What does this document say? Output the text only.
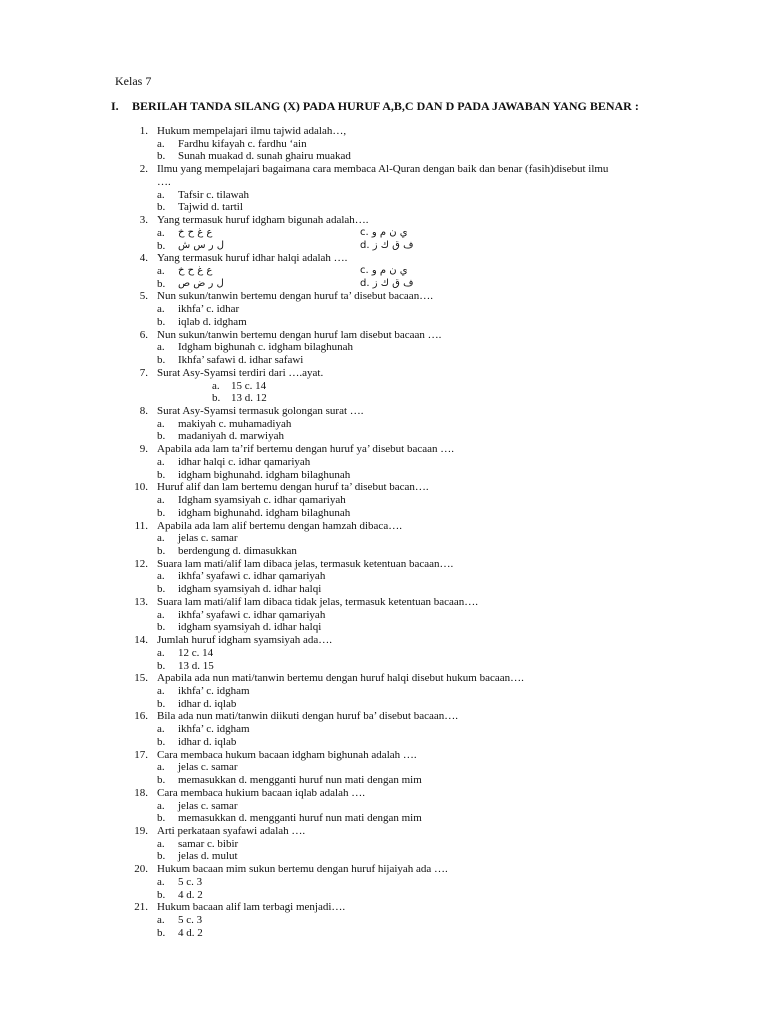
Kelas 7
I. BERILAH TANDA SILANG (X) PADA HURUF A,B,C DAN D PADA JAWABAN YANG BENAR :
1. Hukum mempelajari ilmu tajwid adalah…,
a. Fardhu kifayah c. fardhu ‘ain
b. Sunah muakad d. sunah ghairu muakad
2. Ilmu yang mempelajari bagaimana cara membaca Al-Quran dengan baik dan benar (fasih)disebut ilmu ….
a. Tafsir c. tilawah
b. Tajwid d. tartil
3. Yang termasuk huruf idgham bigunah adalah….
a. ع غ ح خ	c. ي ن م و
b. ل ر س ش	d. ف ق ك ز
4. Yang termasuk huruf idhar halqi adalah ….
a. ع غ ح خ	c. ي ن م و
b. ل ر ض ص	d. ف ق ك ز
5. Nun sukun/tanwin bertemu dengan huruf ta’ disebut bacaan….
a. ikhfa’ c. idhar
b. iqlab d. idgham
6. Nun sukun/tanwin bertemu dengan huruf lam disebut bacaan ….
a. Idgham bighunah c. idgham bilaghunah
b. Ikhfa’ safawi d. idhar safawi
7. Surat Asy-Syamsi terdiri dari ….ayat.
a. 15 c. 14
b. 13 d. 12
8. Surat Asy-Syamsi termasuk golongan surat ….
a. makiyah c. muhamadiyah
b. madaniyah d. marwiyah
9. Apabila ada lam ta’rif bertemu dengan huruf ya’ disebut bacaan ….
a. idhar halqi c. idhar qamariyah
b. idgham bighunahd. idgham bilaghunah
10. Huruf alif dan lam bertemu dengan huruf ta’ disebut bacan….
a. Idgham syamsiyah c. idhar qamariyah
b. idgham bighunahd. idgham bilaghunah
11. Apabila ada lam alif bertemu dengan hamzah dibaca….
a. jelas c. samar
b. berdengung d. dimasukkan
12. Suara lam mati/alif lam dibaca jelas, termasuk ketentuan bacaan….
a. ikhfa’ syafawi c. idhar qamariyah
b. idgham syamsiyah d. idhar halqi
13. Suara lam mati/alif lam dibaca tidak jelas, termasuk ketentuan bacaan….
a. ikhfa’ syafawi c. idhar qamariyah
b. idgham syamsiyah d. idhar halqi
14. Jumlah huruf idgham syamsiyah ada….
a. 12 c. 14
b. 13 d. 15
15. Apabila ada nun mati/tanwin bertemu dengan huruf halqi disebut hukum bacaan….
a. ikhfa’ c. idgham
b. idhar d. iqlab
16. Bila ada nun mati/tanwin diikuti dengan huruf ba’ disebut bacaan….
a. ikhfa’ c. idgham
b. idhar d. iqlab
17. Cara membaca hukum bacaan idgham bighunah adalah ….
a. jelas c. samar
b. memasukkan d. mengganti huruf nun mati dengan mim
18. Cara membaca hukium bacaan iqlab adalah ….
a. jelas c. samar
b. memasukkan d. mengganti huruf nun mati dengan mim
19. Arti perkataan syafawi adalah ….
a. samar c. bibir
b. jelas d. mulut
20. Hukum bacaan mim sukun bertemu dengan huruf hijaiyah ada ….
a. 5 c. 3
b. 4 d. 2
21. Hukum bacaan alif lam terbagi menjadi….
a. 5 c. 3
b. 4 d. 2
